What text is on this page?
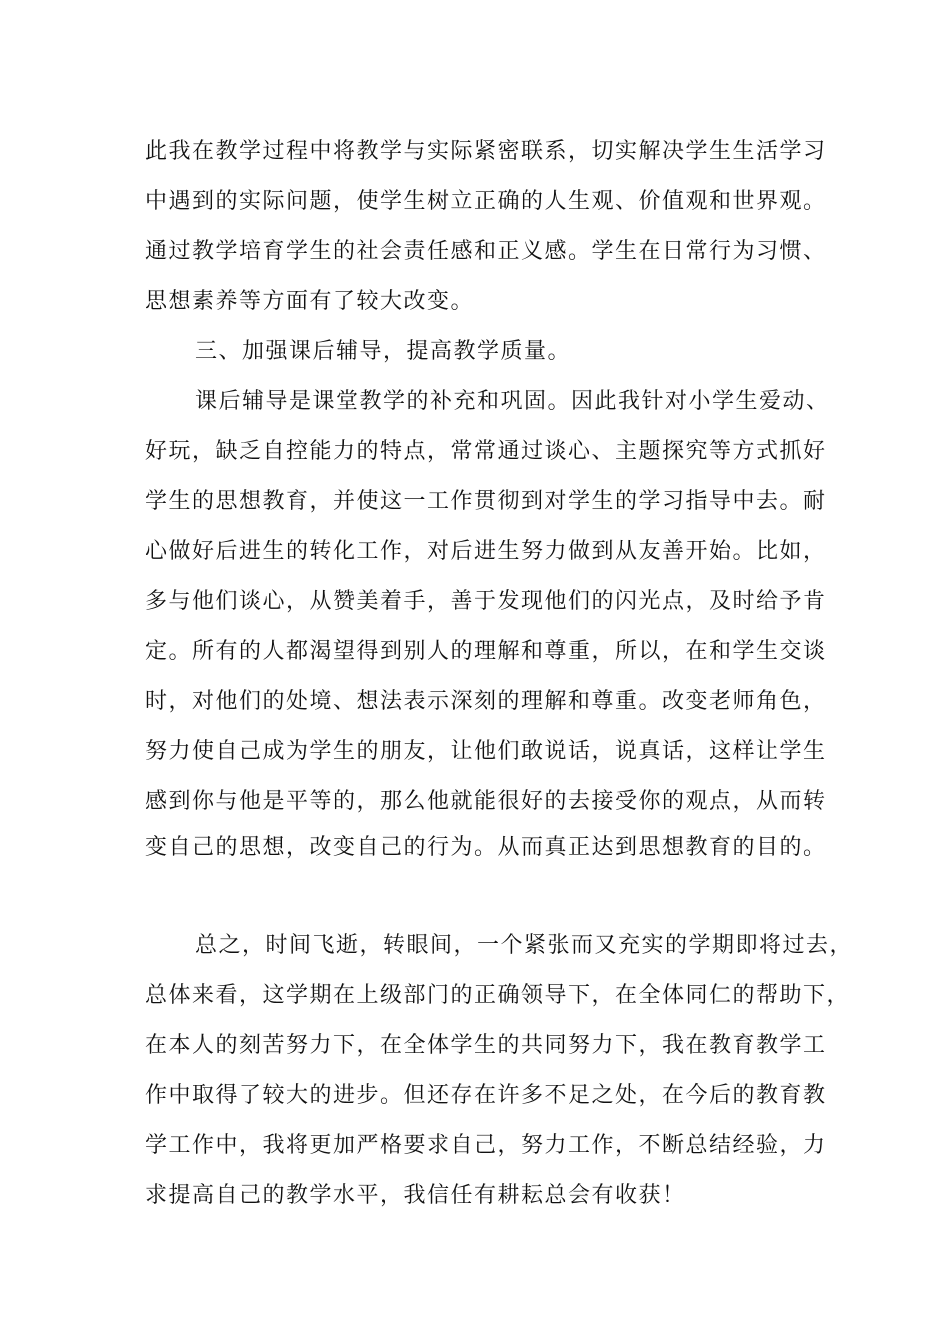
此我在教学过程中将教学与实际紧密联系，切实解决学生生活学习
中遇到的实际问题，使学生树立正确的人生观、价值观和世界观。
通过教学培育学生的社会责任感和正义感。学生在日常行为习惯、
思想素养等方面有了较大改变。
三、加强课后辅导，提高教学质量。
课后辅导是课堂教学的补充和巩固。因此我针对小学生爱动、
好玩，缺乏自控能力的特点，常常通过谈心、主题探究等方式抓好
学生的思想教育，并使这一工作贯彻到对学生的学习指导中去。耐
心做好后进生的转化工作，对后进生努力做到从友善开始。比如，
多与他们谈心，从赞美着手，善于发现他们的闪光点，及时给予肯
定。所有的人都渴望得到别人的理解和尊重，所以，在和学生交谈
时，对他们的处境、想法表示深刻的理解和尊重。改变老师角色，
努力使自己成为学生的朋友，让他们敢说话，说真话，这样让学生
感到你与他是平等的，那么他就能很好的去接受你的观点，从而转
变自己的思想，改变自己的行为。从而真正达到思想教育的目的。
总之，时间飞逝，转眼间，一个紧张而又充实的学期即将过去，
总体来看，这学期在上级部门的正确领导下，在全体同仁的帮助下，
在本人的刻苦努力下，在全体学生的共同努力下，我在教育教学工
作中取得了较大的进步。但还存在许多不足之处，在今后的教育教
学工作中，我将更加严格要求自己，努力工作，不断总结经验，力
求提高自己的教学水平，我信任有耕耘总会有收获！
